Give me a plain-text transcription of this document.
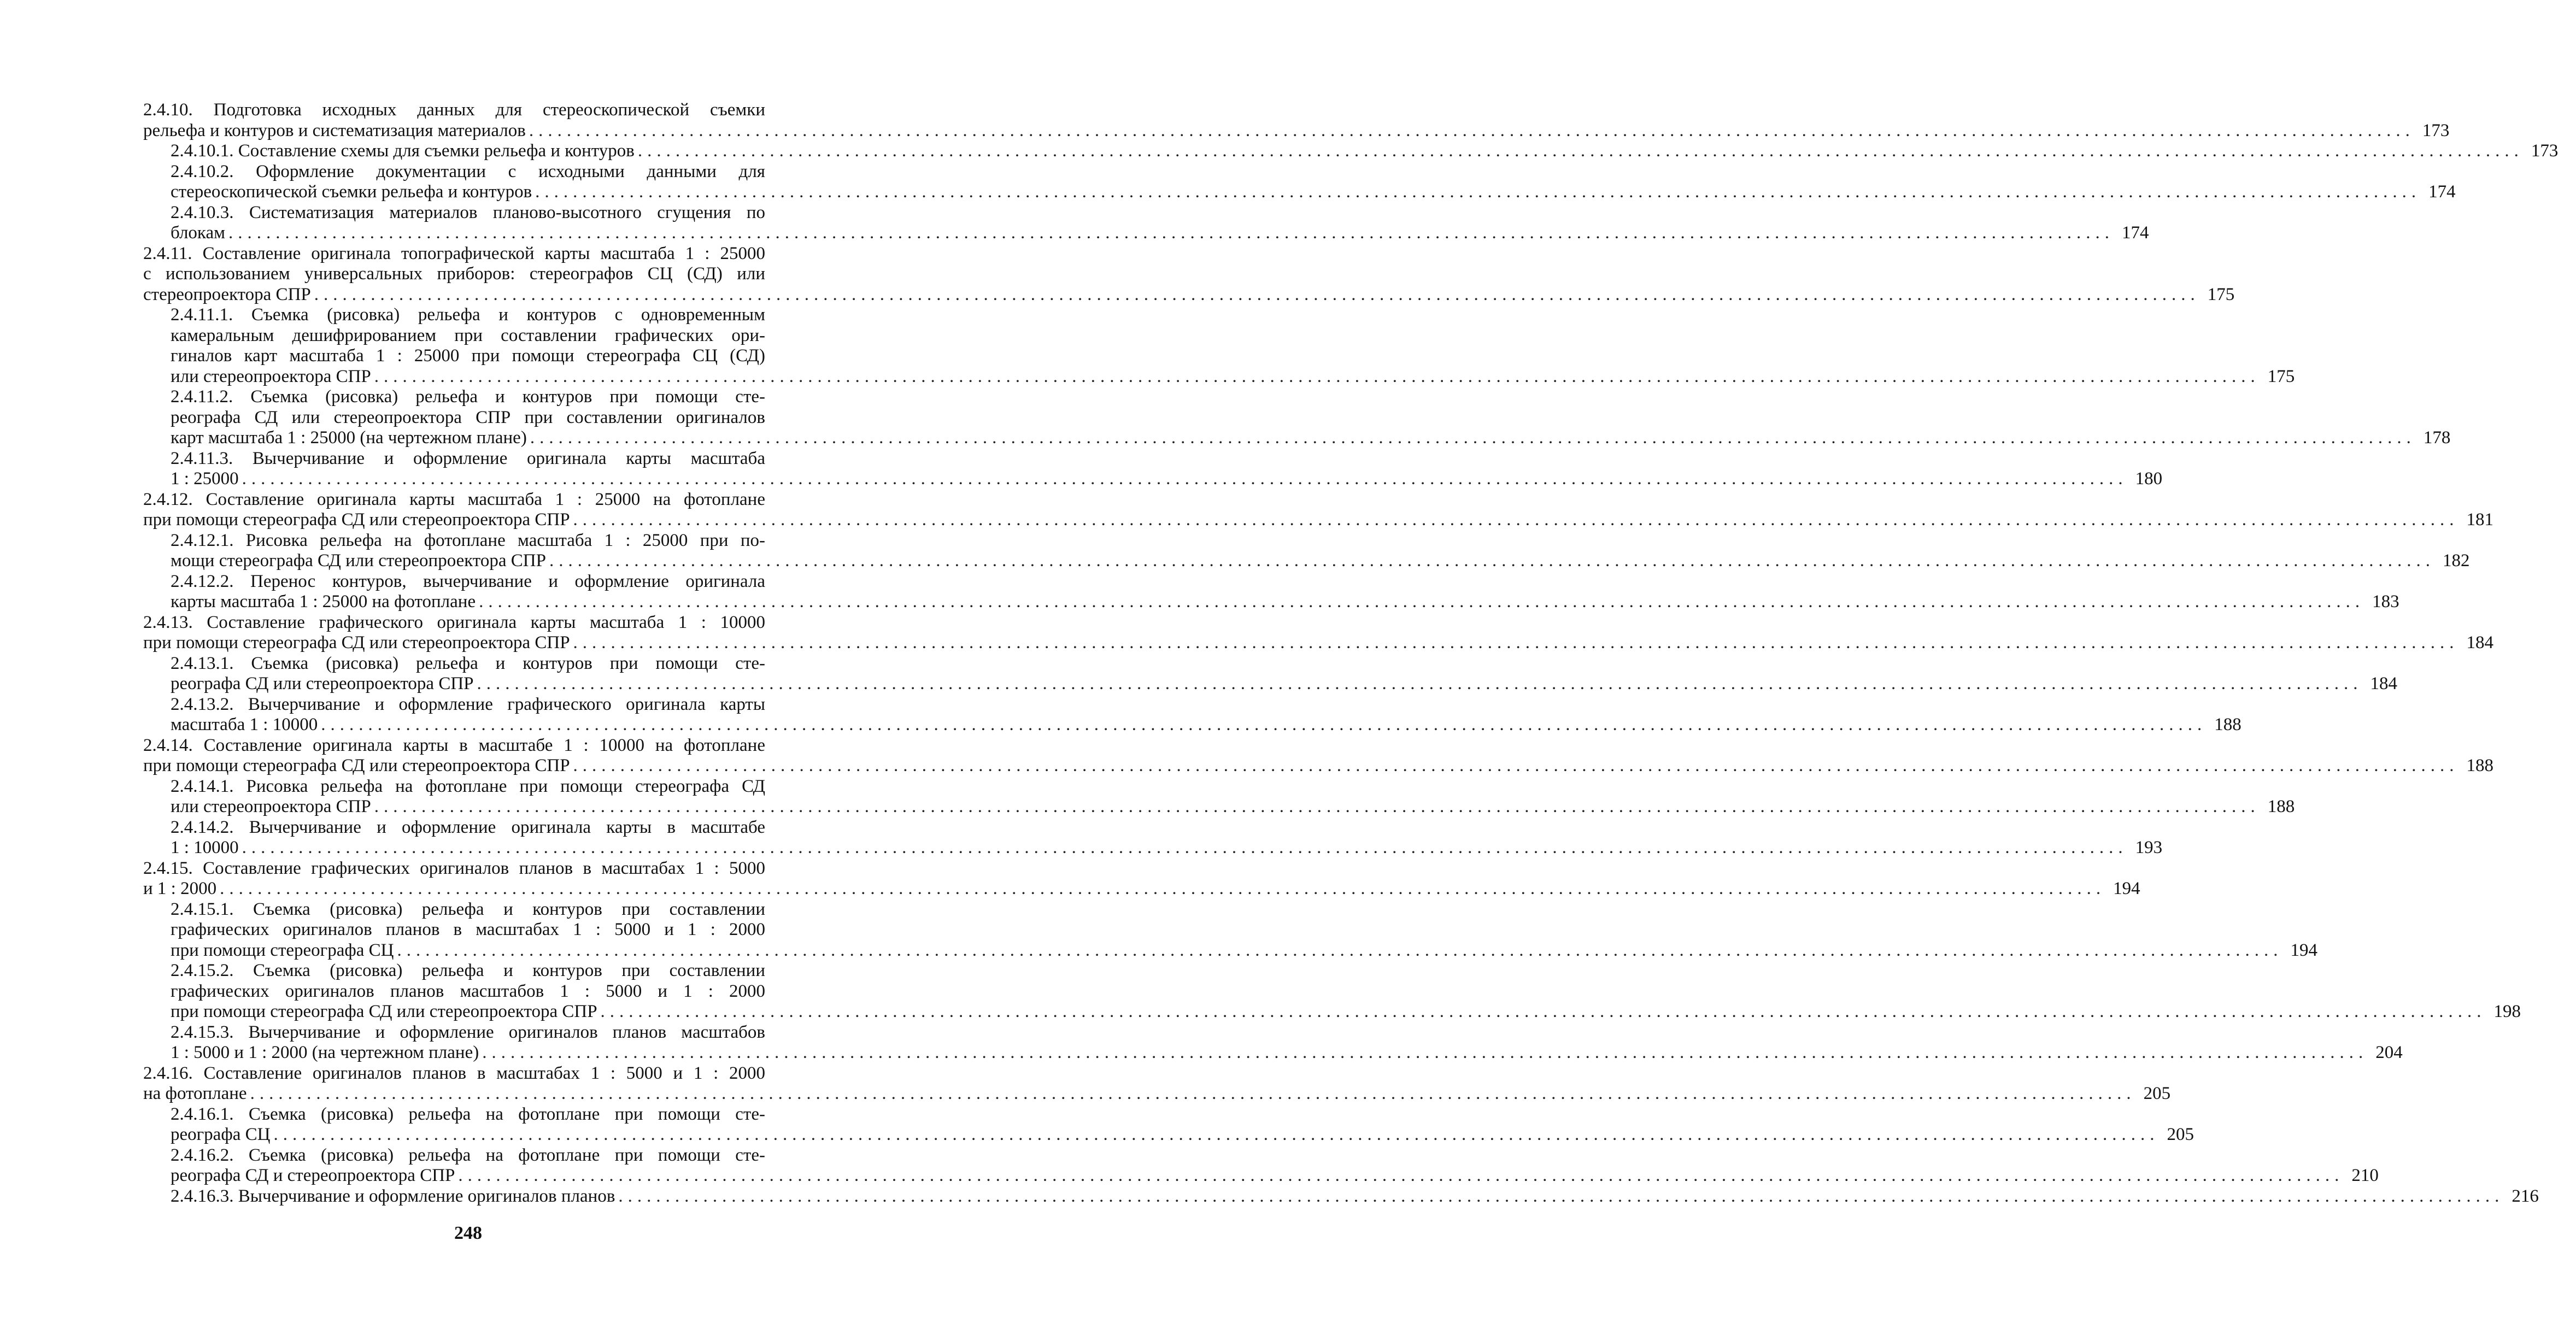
2.4.10. Подготовка исходных данных для стереоскопической съемки
рельефа и контуров и систематизация материалов ........................................................................................................................................................................................................ 173
2.4.10.1. Составление схемы для съемки рельефа и контуров ........................................................................................................................................................................................................ 173
2.4.10.2. Оформление документации с исходными данными для
стереоскопической съемки рельефа и контуров ........................................................................................................................................................................................................ 174
2.4.10.3. Систематизация материалов планово-высотного сгущения по
блокам ........................................................................................................................................................................................................ 174
2.4.11. Составление оригинала топографической карты масштаба 1 : 25000
с использованием универсальных приборов: стереографов СЦ (СД) или
стереопроектора СПР ........................................................................................................................................................................................................ 175
2.4.11.1. Съемка (рисовка) рельефа и контуров с одновременным
камеральным дешифрированием при составлении графических ори-
гиналов карт масштаба 1 : 25000 при помощи стереографа СЦ (СД)
или стереопроектора СПР ........................................................................................................................................................................................................ 175
2.4.11.2. Съемка (рисовка) рельефа и контуров при помощи сте-
реографа СД или стереопроектора СПР при составлении оригиналов
карт масштаба 1 : 25000 (на чертежном плане) ........................................................................................................................................................................................................ 178
2.4.11.3. Вычерчивание и оформление оригинала карты масштаба
1 : 25000 ........................................................................................................................................................................................................ 180
2.4.12. Составление оригинала карты масштаба 1 : 25000 на фотоплане
при помощи стереографа СД или стереопроектора СПР ........................................................................................................................................................................................................ 181
2.4.12.1. Рисовка рельефа на фотоплане масштаба 1 : 25000 при по-
мощи стереографа СД или стереопроектора СПР ........................................................................................................................................................................................................ 182
2.4.12.2. Перенос контуров, вычерчивание и оформление оригинала
карты масштаба 1 : 25000 на фотоплане ........................................................................................................................................................................................................ 183
2.4.13. Составление графического оригинала карты масштаба 1 : 10000
при помощи стереографа СД или стереопроектора СПР ........................................................................................................................................................................................................ 184
2.4.13.1. Съемка (рисовка) рельефа и контуров при помощи сте-
реографа СД или стереопроектора СПР ........................................................................................................................................................................................................ 184
2.4.13.2. Вычерчивание и оформление графического оригинала карты
масштаба 1 : 10000 ........................................................................................................................................................................................................ 188
2.4.14. Составление оригинала карты в масштабе 1 : 10000 на фотоплане
при помощи стереографа СД или стереопроектора СПР ........................................................................................................................................................................................................ 188
2.4.14.1. Рисовка рельефа на фотоплане при помощи стереографа СД
или стереопроектора СПР ........................................................................................................................................................................................................ 188
2.4.14.2. Вычерчивание и оформление оригинала карты в масштабе
1 : 10000 ........................................................................................................................................................................................................ 193
2.4.15. Составление графических оригиналов планов в масштабах 1 : 5000
и 1 : 2000 ........................................................................................................................................................................................................ 194
2.4.15.1. Съемка (рисовка) рельефа и контуров при составлении
графических оригиналов планов в масштабах 1 : 5000 и 1 : 2000
при помощи стереографа СЦ ........................................................................................................................................................................................................ 194
2.4.15.2. Съемка (рисовка) рельефа и контуров при составлении
графических оригиналов планов масштабов 1 : 5000 и 1 : 2000
при помощи стереографа СД или стереопроектора СПР ........................................................................................................................................................................................................ 198
2.4.15.3. Вычерчивание и оформление оригиналов планов масштабов
1 : 5000 и 1 : 2000 (на чертежном плане) ........................................................................................................................................................................................................ 204
2.4.16. Составление оригиналов планов в масштабах 1 : 5000 и 1 : 2000
на фотоплане ........................................................................................................................................................................................................ 205
2.4.16.1. Съемка (рисовка) рельефа на фотоплане при помощи сте-
реографа СЦ ........................................................................................................................................................................................................ 205
2.4.16.2. Съемка (рисовка) рельефа на фотоплане при помощи сте-
реографа СД и стереопроектора СПР ........................................................................................................................................................................................................ 210
2.4.16.3. Вычерчивание и оформление оригиналов планов ........................................................................................................................................................................................................ 216
248
